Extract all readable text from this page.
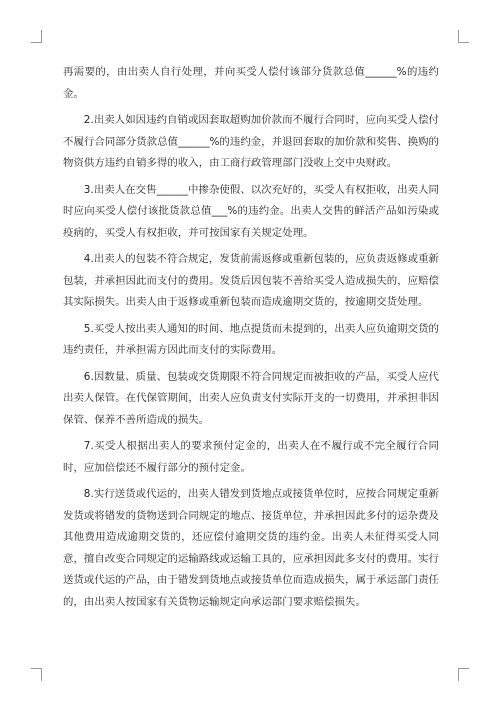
再需要的，由出卖人自行处理，并向买受人偿付该部分货款总值______%的违约金。

2.出卖人如因违约自销或因套取超购加价款而不履行合同时，应向买受人偿付不履行合同部分货款总值______%的违约金，并退回套取的加价款和奖售、换购的物资供方违约自销多得的收入，由工商行政管理部门没收上交中央财政。

3.出卖人在交售______中掺杂使假、以次充好的，买受人有权拒收，出卖人同时应向买受人偿付该批货款总值___%的违约金。出卖人交售的鲜活产品如污染或疫病的，买受人有权拒收，并可按国家有关规定处理。

4.出卖人的包装不符合规定，发货前需返修或重新包装的，应负责返修或重新包装，并承担因此而支付的费用。发货后因包装不善给买受人造成损失的，应赔偿其实际损失。出卖人由于返修或重新包装而造成逾期交货的，按逾期交货处理。

5.买受人按出卖人通知的时间、地点提货而未提到的，出卖人应负逾期交货的违约责任，并承担需方因此而支付的实际费用。

6.因数量、质量、包装或交货期限不符合同规定而被拒收的产品，买受人应代出卖人保管。在代保管期间，出卖人应负责支付实际开支的一切费用，并承担非因保管、保养不善所造成的损失。

7.买受人根据出卖人的要求预付定金的，出卖人在不履行或不完全履行合同时，应加倍偿还不履行部分的预付定金。

8.实行送货或代运的，出卖人错发到货地点或接货单位时，应按合同规定重新发货或将错发的货物送到合同规定的地点、接货单位，并承担因此多付的运杂费及其他费用造成逾期交货的，还应偿付逾期交货的违约金。出卖人未征得买受人同意，擅自改变合同规定的运输路线或运输工具的，应承担因此多支付的费用。实行送货或代运的产品，由于错发到货地点或接货单位而造成损失，属于承运部门责任的，由出卖人按国家有关货物运输规定向承运部门要求赔偿损失。
